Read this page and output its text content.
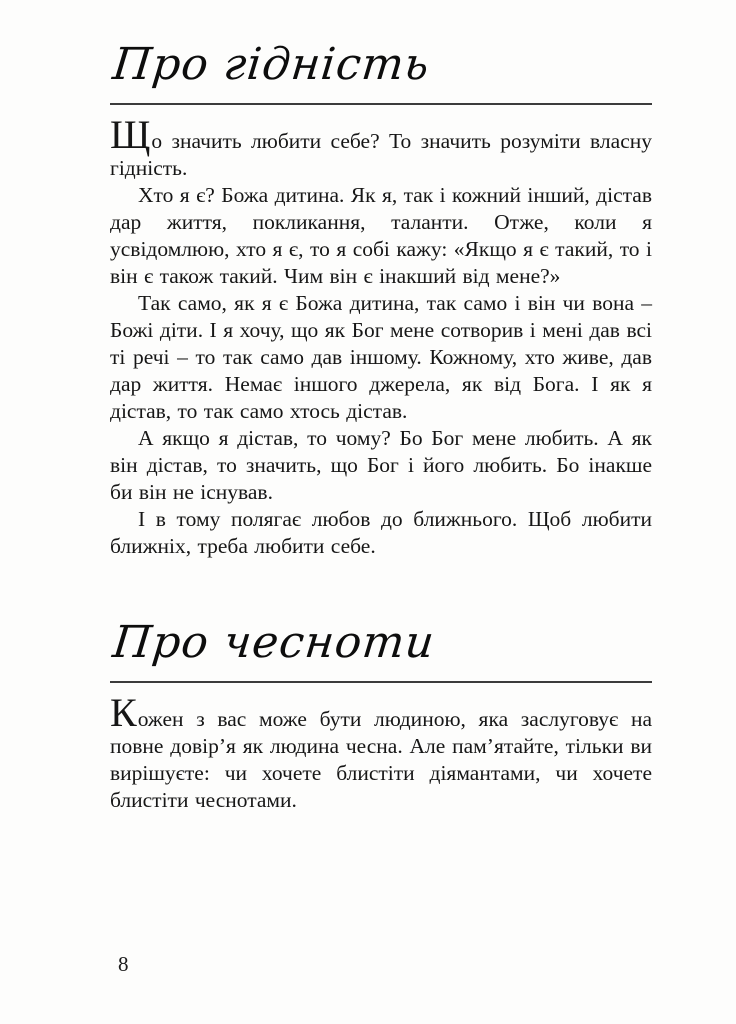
Про гідність

Що значить любити себе? То значить розуміти власну гідність.

Хто я є? Божа дитина. Як я, так і кожний інший, дістав дар життя, покликання, таланти. Отже, коли я усвідомлюю, хто я є, то я собі кажу: «Якщо я є такий, то і він є також такий. Чим він є інакший від мене?»

Так само, як я є Божа дитина, так само і він чи вона – Божі діти. І я хочу, що як Бог мене сотворив і мені дав всі ті речі – то так само дав іншому. Кожному, хто живе, дав дар життя. Немає іншого джерела, як від Бога. І як я дістав, то так само хтось дістав.

А якщо я дістав, то чому? Бо Бог мене любить. А як він дістав, то значить, що Бог і його любить. Бо інакше би він не існував.

І в тому полягає любов до ближнього. Щоб любити ближніх, треба любити себе.

Про чесноти

Кожен з вас може бути людиною, яка заслуговує на повне довір’я як людина чесна. Але пам’ятайте, тільки ви вирішуєте: чи хочете блистіти діямантами, чи хочете блистіти чеснотами.

8
